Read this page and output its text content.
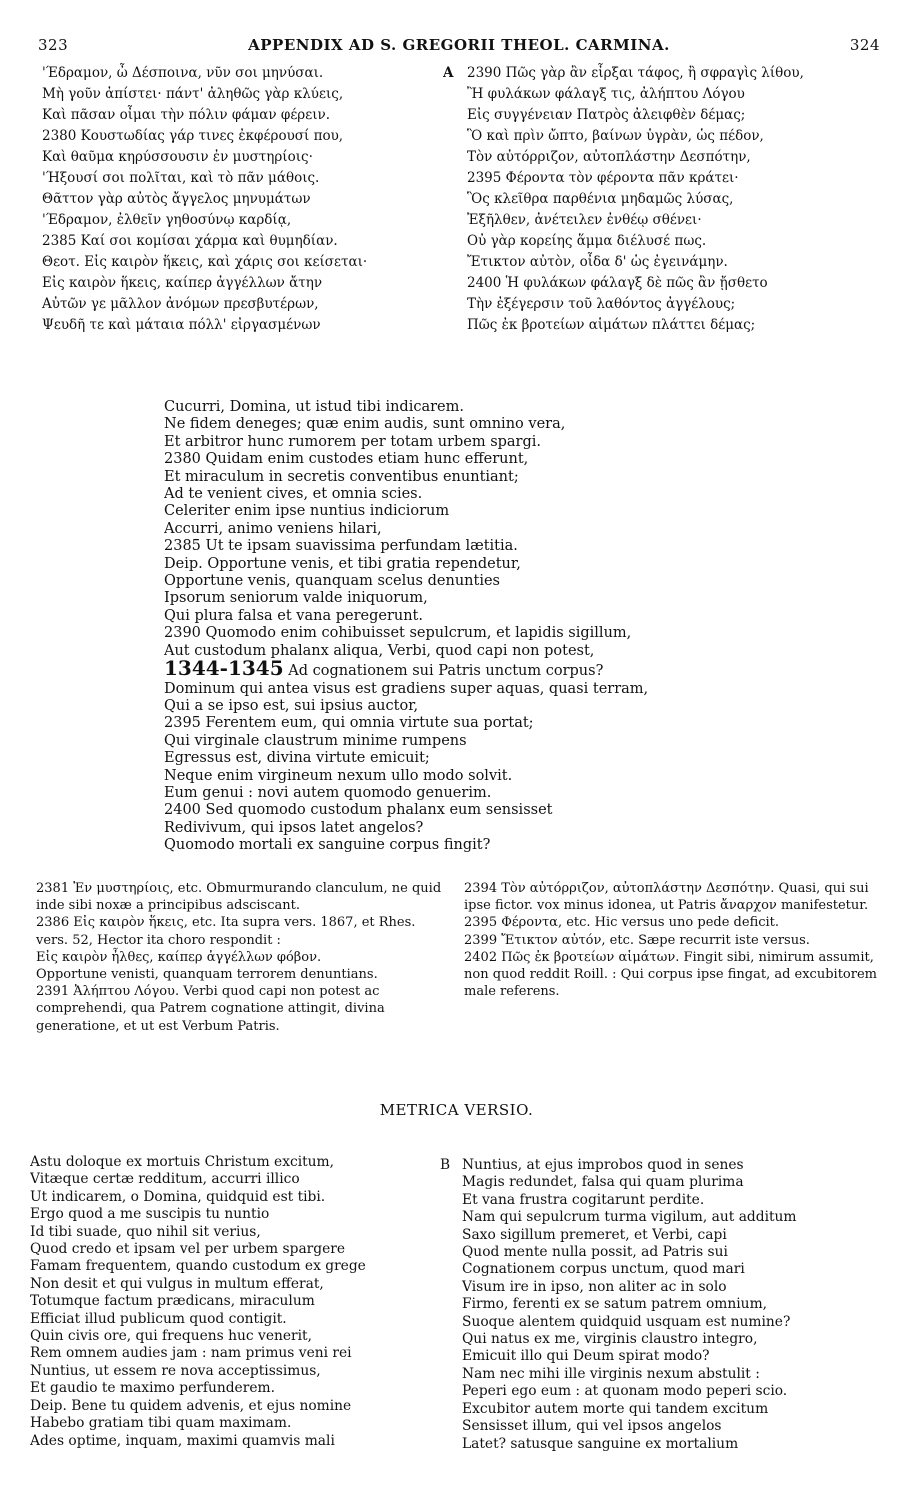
323	APPENDIX AD S. GREGORII THEOL. CARMINA.	324
'Έδραμον, ὦ Δέσποινα, νῦν σοι μηνύσαι.
Μὴ γοῦν ἀπίστει· πάντ' ἀληθῶς γὰρ κλύεις,
Καὶ πᾶσαν οἶμαι τὴν πόλιν φάμαν φέρειν.
2380 Κουστωδίας γάρ τινες ἐκφέρουσί που,
Καὶ θαῦμα κηρύσσουσιν ἐν μυστηρίοις·
'Ήξουσί σοι πολῖται, καὶ τὸ πᾶν μάθοις.
Θᾶττον γὰρ αὐτὸς ἄγγελος μηνυμάτων
'Έδραμον, ἐλθεῖν γηθοσύνῳ καρδίᾳ,
2385 Καί σοι κομίσαι χάρμα καὶ θυμηδίαν.
Θεοτ. Εἰς καιρὸν ἥκεις, καὶ χάρις σοι κείσεται·
Εἰς καιρὸν ἥκεις, καίπερ ἀγγέλλων ἄτην
Αὐτῶν γε μᾶλλον ἀνόμων πρεσβυτέρων,
Ψευδῆ τε καὶ μάταια πόλλ' εἰργασμένων
A 2390 Πῶς γὰρ ἂν εἶρξαι τάφος, ἢ σφραγὶς λίθου,
Ἢ φυλάκων φάλαγξ τις, ἀλήπτου Λόγου
Εἰς συγγένειαν Πατρὸς ἀλειφθὲν δέμας;
Ὃ καὶ πρὶν ὤπτο, βαίνων ὑγρὰν, ὡς πέδον,
Τὸν αὐτόρριζον, αὐτοπλάστην Δεσπότην,
2395 Φέροντα τὸν φέροντα πᾶν κράτει·
Ὃς κλεῖθρα παρθένια μηδαμῶς λύσας,
Ἐξῆλθεν, ἀνέτειλεν ἐνθέῳ σθένει·
Οὐ γὰρ κορείης ἅμμα διέλυσέ πως.
Ἔτικτον αὐτὸν, οἶδα δ' ὡς ἐγεινάμην.
2400 Ἡ φυλάκων φάλαγξ δὲ πῶς ἂν ᾔσθετο
Τὴν ἐξέγερσιν τοῦ λαθόντος ἀγγέλους;
Πῶς ἐκ βροτείων αἱμάτων πλάττει δέμας;
Cucurri, Domina, ut istud tibi indicarem.
Ne fidem deneges; quæ enim audis, sunt omnino vera,
Et arbitror hunc rumorem per totam urbem spargi.
2380 Quidam enim custodes etiam hunc efferunt,
Et miraculum in secretis conventibus enuntiant;
Ad te venient cives, et omnia scies.
Celeriter enim ipse nuntius indiciorum
Accurri, animo veniens hilari,
2385 Ut te ipsam suavissima perfundam lætitia.
Deip. Opportune venis, et tibi gratia rependetur,
Opportune venis, quanquam scelus denunties
Ipsorum seniorum valde iniquorum,
Qui plura falsa et vana peregerunt.
2390 Quomodo enim cohibuisset sepulcrum, et lapidis sigillum,
Aut custodum phalanx aliqua, Verbi, quod capi non potest,
1344-1345 Ad cognationem sui Patris unctum corpus?
Dominum qui antea visus est gradiens super aquas, quasi terram,
Qui a se ipso est, sui ipsius auctor,
2395 Ferentem eum, qui omnia virtute sua portat;
Qui virginale claustrum minime rumpens
Egressus est, divina virtute emicuit;
Neque enim virgineum nexum ullo modo solvit.
Eum genui : novi autem quomodo genuerim.
2400 Sed quomodo custodum phalanx eum sensisset
Redivivum, qui ipsos latet angelos?
Quomodo mortali ex sanguine corpus fingit?
2381 Ἐν μυστηρίοις, etc. Obmurmurando clanculum, ne quid inde sibi noxæ a principibus adsciscant.
2386 Εἰς καιρὸν ἥκεις, etc. Ita supra vers. 1867, et Rhes. vers. 52, Hector ita choro respondit :
Εἰς καιρὸν ἦλθες, καίπερ ἀγγέλλων φόβον.
Opportune venisti, quanquam terrorem denuntians.
2391 Ἀλήπτου Λόγου. Verbi quod capi non potest ac comprehendi, qua Patrem cognatione attingit, divina generatione, et ut est Verbum Patris.
2394 Τὸν αὐτόρριζον, αὐτοπλάστην Δεσπότην. Quasi, qui sui ipse fictor. vox minus idonea, ut Patris ἄναρχον manifestetur.
2395 Φέροντα, etc. Hic versus uno pede deficit.
2399 Ἔτικτον αὐτόν, etc. Sæpe recurrit iste versus.
2402 Πῶς ἐκ βροτείων αἱμάτων. Fingit sibi, nimirum assumit, non quod reddit Roill. : Qui corpus ipse fingat, ad excubitorem male referens.
METRICA VERSIO.
Astu doloque ex mortuis Christum excitum,
Vitæque certæ redditum, accurri illico
Ut indicarem, o Domina, quidquid est tibi.
Ergo quod a me suscipis tu nuntio
Id tibi suade, quo nihil sit verius,
Quod credo et ipsam vel per urbem spargere
Famam frequentem, quando custodum ex grege
Non desit et qui vulgus in multum efferat,
Totumque factum prædicans, miraculum
Efficiat illud publicum quod contigit.
Quin civis ore, qui frequens huc venerit,
Rem omnem audies jam : nam primus veni rei
Nuntius, ut essem re nova acceptissimus,
Et gaudio te maximo perfunderem.
Deip. Bene tu quidem advenis, et ejus nomine
Habebo gratiam tibi quam maximam.
Ades optime, inquam, maximi quamvis mali
B Nuntius, at ejus improbos quod in senes
Magis redundet, falsa qui quam plurima
Et vana frustra cogitarunt perdite.
Nam qui sepulcrum turma vigilum, aut additum
Saxo sigillum premeret, et Verbi, capi
Quod mente nulla possit, ad Patris sui
Cognationem corpus unctum, quod mari
Visum ire in ipso, non aliter ac in solo
Firmo, ferenti ex se satum patrem omnium,
Suoque alentem quidquid usquam est numine?
Qui natus ex me, virginis claustro integro,
Emicuit illo qui Deum spirat modo?
Nam nec mihi ille virginis nexum abstulit :
Peperi ego eum : at quonam modo peperi scio.
Excubitor autem morte qui tandem excitum
Sensisset illum, qui vel ipsos angelos
Latet? satusque sanguine ex mortalium
